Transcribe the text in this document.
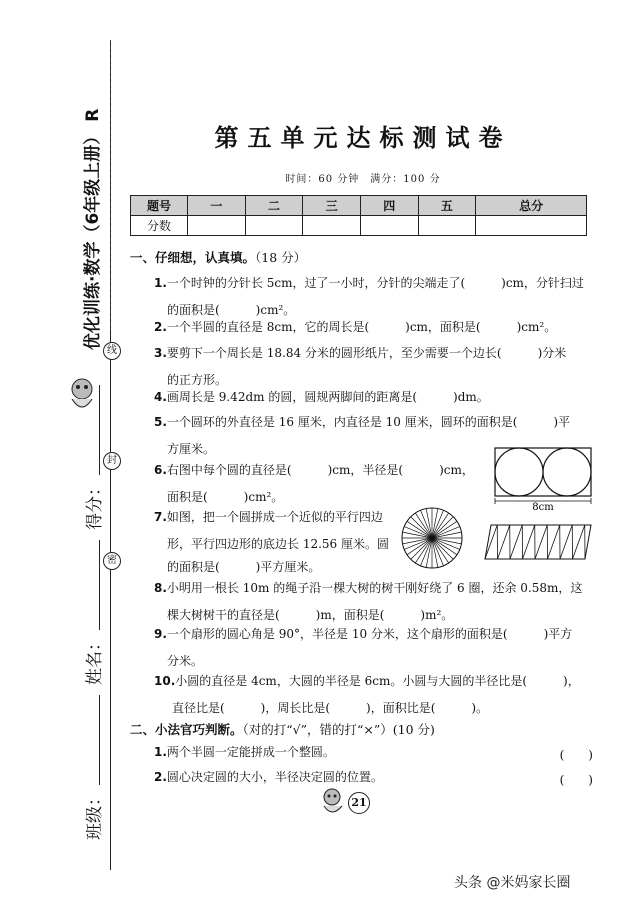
优化训练·数学（6年级上册）R
线
封
密
得分：
姓名：
班级：
第五单元达标测试卷
时间：60 分钟　满分：100 分
题号	一	二	三	四	五	总分
分数						
一、仔细想，认真填。（18 分）
1.一个时钟的分针长 5cm，过了一小时，分针的尖端走了(　　　)cm，分针扫过
的面积是(　　　)cm²。
2.一个半圆的直径是 8cm，它的周长是(　　　)cm，面积是(　　　)cm²。
3.要剪下一个周长是 18.84 分米的圆形纸片，至少需要一个边长(　　　)分米
的正方形。
4.画周长是 9.42dm 的圆，圆规两脚间的距离是(　　　)dm。
5.一个圆环的外直径是 16 厘米，内直径是 10 厘米，圆环的面积是(　　　)平
方厘米。
6.右图中每个圆的直径是(　　　)cm，半径是(　　　)cm，
面积是(　　　)cm²。
8cm
7.如图，把一个圆拼成一个近似的平行四边
形，平行四边形的底边长 12.56 厘米。圆
的面积是(　　　)平方厘米。
8.小明用一根长 10m 的绳子沿一棵大树的树干刚好绕了 6 圈，还余 0.58m，这
棵大树树干的直径是(　　　)m，面积是(　　　)m²。
9.一个扇形的圆心角是 90°，半径是 10 分米，这个扇形的面积是(　　　)平方
分米。
10.小圆的直径是 4cm，大圆的半径是 6cm。小圆与大圆的半径比是(　　　)，
直径比是(　　　)，周长比是(　　　)，面积比是(　　　)。
二、小法官巧判断。（对的打“√”，错的打“×”）(10 分)
1.两个半圆一定能拼成一个整圆。	(　　)
2.圆心决定圆的大小，半径决定圆的位置。	(　　)
21
头条 @米妈家长圈
